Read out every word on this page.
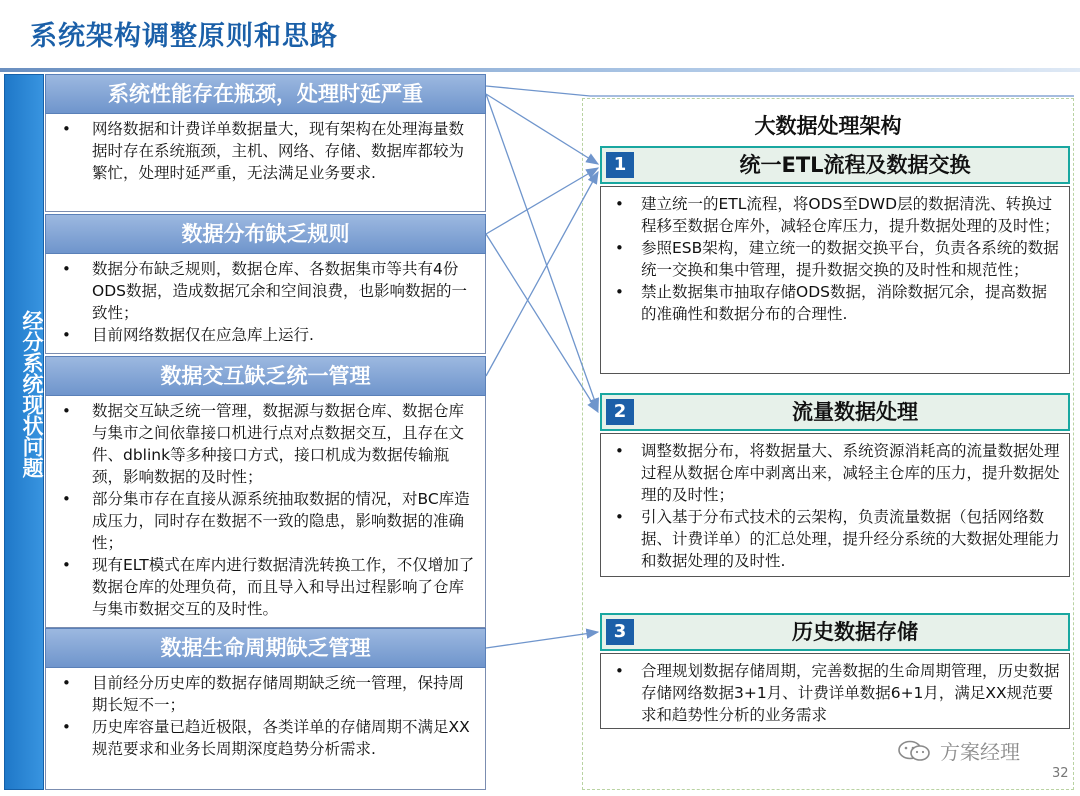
系统架构调整原则和思路
经分系统现状问题
系统性能存在瓶颈，处理时延严重
• 网络数据和计费详单数据量大，现有架构在处理海量数据时存在系统瓶颈，主机、网络、存储、数据库都较为繁忙，处理时延严重，无法满足业务要求.
数据分布缺乏规则
• 数据分布缺乏规则，数据仓库、各数据集市等共有4份ODS数据，造成数据冗余和空间浪费，也影响数据的一致性；
• 目前网络数据仅在应急库上运行.
数据交互缺乏统一管理
• 数据交互缺乏统一管理，数据源与数据仓库、数据仓库与集市之间依靠接口机进行点对点数据交互，且存在文件、dblink等多种接口方式，接口机成为数据传输瓶颈，影响数据的及时性；
• 部分集市存在直接从源系统抽取数据的情况，对BC库造成压力，同时存在数据不一致的隐患，影响数据的准确性；
• 现有ELT模式在库内进行数据清洗转换工作，不仅增加了数据仓库的处理负荷，而且导入和导出过程影响了仓库与集市数据交互的及时性。
数据生命周期缺乏管理
• 目前经分历史库的数据存储周期缺乏统一管理，保持周期长短不一；
• 历史库容量已趋近极限，各类详单的存储周期不满足XX规范要求和业务长周期深度趋势分析需求.
大数据处理架构
1	统一ETL流程及数据交换
• 建立统一的ETL流程，将ODS至DWD层的数据清洗、转换过程移至数据仓库外，减轻仓库压力，提升数据处理的及时性；
• 参照ESB架构，建立统一的数据交换平台，负责各系统的数据统一交换和集中管理，提升数据交换的及时性和规范性；
• 禁止数据集市抽取存储ODS数据，消除数据冗余，提高数据的准确性和数据分布的合理性.
2	流量数据处理
• 调整数据分布，将数据量大、系统资源消耗高的流量数据处理过程从数据仓库中剥离出来，减轻主仓库的压力，提升数据处理的及时性；
• 引入基于分布式技术的云架构，负责流量数据（包括网络数据、计费详单）的汇总处理，提升经分系统的大数据处理能力和数据处理的及时性.
3	历史数据存储
• 合理规划数据存储周期，完善数据的生命周期管理，历史数据存储网络数据3+1月、计费详单数据6+1月，满足XX规范要求和趋势性分析的业务需求
方案经理
32
